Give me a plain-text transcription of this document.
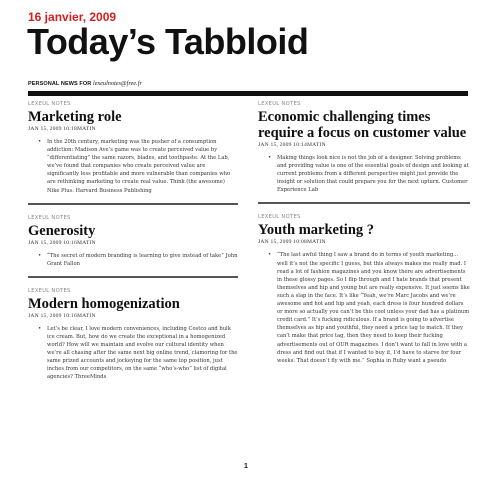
16 janvier, 2009
Today’s Tabbloid
PERSONAL NEWS FOR lexeulnotes@free.fr
LEXEUL NOTES
Marketing role
JAN 15, 2009 10:18MATIN
• In the 20th century, marketing was the pusher of a consumption addiction: Madison Ave’s game was to create perceived value by “differentiating” the same razors, blades, and toothpaste. At the Lab, we’ve found that companies who create perceived value are significantly less profitable and more vulnerable than companies who are rethinking marketing to create real value. Think (the awesome) Nike Plus. Harvard Business Publishing
LEXEUL NOTES
Generosity
JAN 15, 2009 10:16MATIN
• “The secret of modern branding is learning to give instead of take” John Grant Fallon
LEXEUL NOTES
Modern homogenization
JAN 15, 2009 10:16MATIN
• Let’s be clear, I love modern conveniences, including Costco and bulk ice cream. But, how do we create the exceptional in a homogenized world? How will we maintain and evolve our cultural identity when we’re all chasing after the same next big online trend, clamoring for the same prized accounts and jockeying for the same top position, just inches from our competitors, on the same “who’s-who” list of digital agencies? ThreeMinds
LEXEUL NOTES
Economic challenging times require a focus on customer value
JAN 15, 2009 10:14MATIN
• Making things look nice is not the job of a designer. Solving problems and providing value is one of the essential goals of design and looking at current problems from a different perspective might just provide the insight or solution that could prepare you for the next upturn. Customer Experience Lab
LEXEUL NOTES
Youth marketing ?
JAN 15, 2009 10:08MATIN
• “The last awful thing I saw a brand do in terms of youth marketing... well it’s not the specific I guess, but this always makes me really mad. I read a lot of fashion magazines and you know there are advertisements in these glossy pages. So I flip through and I hate brands that present themselves and hip and young but are really expensive. It just seems like such a slap in the face. It’s like “Yeah, we’re Marc Jacobs and we’re awesome and hot and hip and yeah, each dress is four hundred dollars or more so actually you can’t be this cool unless your dad has a platinum credit card.” It’s fucking ridiculous. If a brand is going to advertise themselves as hip and youthful, they need a price tag to match. If they can’t make that price tag, then they need to keep their fucking advertisements out of OUR magazines. I don’t want to fall in love with a dress and find out that if I wanted to buy it, I’d have to starve for four weeks. That doesn’t fly with me.” Sophia in Ruby want a pseudo
1
